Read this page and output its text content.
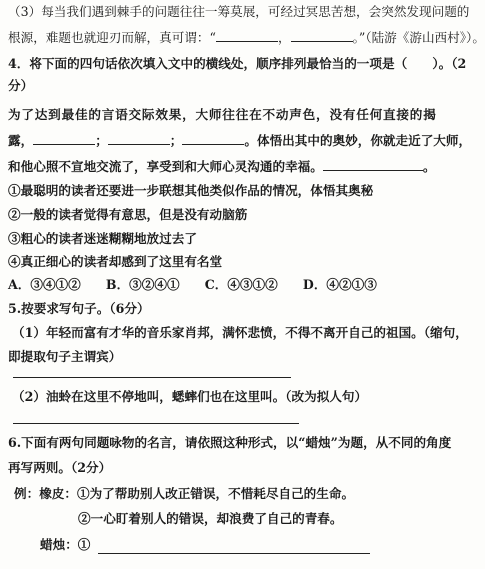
（3）每当我们遇到棘手的问题往往一筹莫展，可经过冥思苦想，会突然发现问题的
根源，难题也就迎刃而解，真可谓：“	，	。”（陆游《游山西村》）。
4．将下面的四句话依次填入文中的横线处，顺序排列最恰当的一项是（　　）。（2
分）
为了达到最佳的言语交际效果，大师往往在不动声色，没有任何直接的揭
露，	；	；	。体悟出其中的奥妙，你就走近了大师，
和他心照不宣地交流了，享受到和大师心灵沟通的幸福。	。
①最聪明的读者还要进一步联想其他类似作品的情况，体悟其奥秘
②一般的读者觉得有意思，但是没有动脑筋
③粗心的读者迷迷糊糊地放过去了
④真正细心的读者却感到了这里有名堂
A．③④①②　　B．③②④①　　C．④③①②　　D．④②①③
5.按要求写句子。（6分）
（1）年轻而富有才华的音乐家肖邦，满怀悲愤，不得不离开自己的祖国。（缩句，
即提取句子主谓宾）
（2）油蛉在这里不停地叫，蟋蟀们也在这里叫。（改为拟人句）
6.下面有两句同题咏物的名言，请依照这种形式，以“蜡烛”为题，从不同的角度
再写两则。（2分）
例：橡皮：①为了帮助别人改正错误，不惜耗尽自己的生命。
②一心盯着别人的错误，却浪费了自己的青春。
蜡烛：①
